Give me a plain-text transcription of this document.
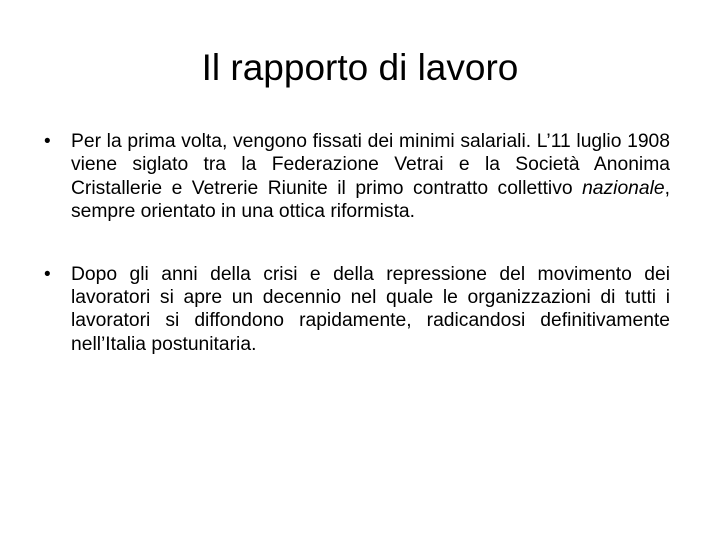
Il rapporto di lavoro
• Per la prima volta, vengono fissati dei minimi salariali. L’11 luglio 1908 viene siglato tra la Federazione Vetrai e la Società Anonima Cristallerie e Vetrerie Riunite il primo contratto collettivo nazionale, sempre orientato in una ottica riformista.
• Dopo gli anni della crisi e della repressione del movimento dei lavoratori si apre un decennio nel quale le organizzazioni di tutti i lavoratori si diffondono rapidamente, radicandosi definitivamente nell’Italia postunitaria.
